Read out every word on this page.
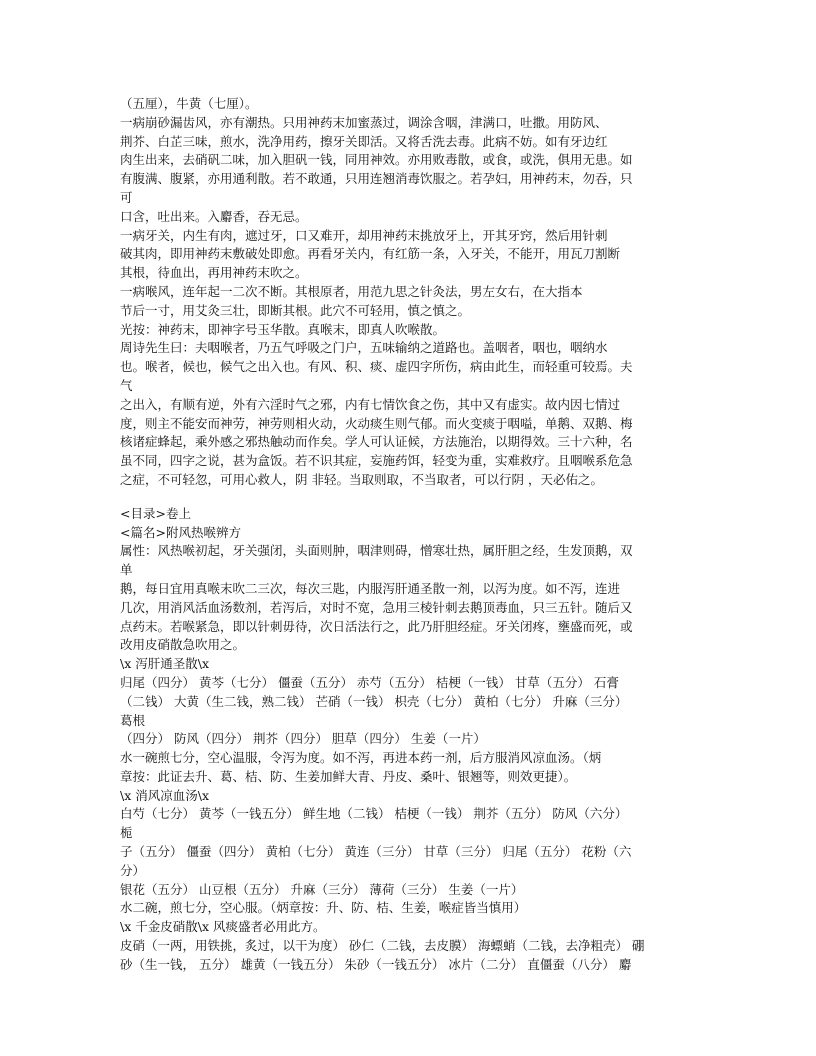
（五厘），牛黄（七厘）。

一病崩砂漏齿风，亦有潮热。只用神药末加蜜蒸过，调涂含咽，津满口，吐撒。用防风、

荆芥、白芷三味，煎水，洗净用药，擦牙关即活。又将舌洗去毒。此病不妨。如有牙边红

肉生出来，去硝矾二味，加入胆矾一钱，同用神效。亦用败毒散，或食，或洗，俱用无患。如

有腹满、腹紧，亦用通利散。若不敢通，只用连翘消毒饮服之。若孕妇，用神药末，勿吞，只

可

口含，吐出来。入麝香，吞无忌。

一病牙关，内生有肉，遮过牙，口又难开，却用神药末挑放牙上，开其牙窍，然后用针刺

破其肉，即用神药末敷破处即愈。再看牙关内，有红筋一条，入牙关，不能开，用瓦刀割断

其根，待血出，再用神药末吹之。

一病喉风，连年起一二次不断。其根原者，用范九思之针灸法，男左女右，在大指本

节后一寸，用艾灸三壮，即断其根。此穴不可轻用，慎之慎之。

光按：神药末，即神字号玉华散。真喉末，即真人吹喉散。

周诗先生曰：夫咽喉者，乃五气呼吸之门户，五味输纳之道路也。盖咽者，咽也，咽纳水

也。喉者，候也，候气之出入也。有风、积、痰、虚四字所伤，病由此生，而轻重可较焉。夫

气

之出入，有顺有逆，外有六淫时气之邪，内有七情饮食之伤，其中又有虚实。故内因七情过

度，则主不能安而神劳，神劳则相火动，火动痰生则气郁。而火变痰于咽嗌，单鹅、双鹅、梅

核诸症蜂起，乘外感之邪热触动而作矣。学人可认证候，方法施治，以期得效。三十六种，名

虽不同，四字之说，甚为盒饭。若不识其症，妄施药饵，轻变为重，实难救疗。且咽喉系危急

之症，不可轻忽，可用心救人，阴 非轻。当取则取，不当取者，可以行阴 ，天必佑之。

<目录>卷上

<篇名>附风热喉辨方

属性：风热喉初起，牙关强闭，头面则肿，咽津则碍，憎寒壮热，属肝胆之经，生发顶鹅，双

单

鹅，每日宜用真喉末吹二三次，每次三匙，内服泻肝通圣散一剂，以泻为度。如不泻，连进

几次，用消风活血汤数剂，若泻后，对时不宽，急用三棱针刺去鹅顶毒血，只三五针。随后又

点药末。若喉紧急，即以针刺毋待，次日活法行之，此乃肝胆经症。牙关闭疼，壅盛而死，或

改用皮硝散急吹用之。

\x 泻肝通圣散\x

归尾（四分） 黄芩（七分） 僵蚕（五分） 赤芍（五分） 桔梗（一钱） 甘草（五分） 石膏

（二钱） 大黄（生二钱，熟二钱） 芒硝（一钱） 枳壳（七分） 黄柏（七分） 升麻（三分）

葛根

（四分） 防风（四分） 荆芥（四分） 胆草（四分） 生姜（一片）

水一碗煎七分，空心温服，令泻为度。如不泻，再进本药一剂，后方服消风凉血汤。（炳

章按：此证去升、葛、桔、防、生姜加鲜大青、丹皮、桑叶、银翘等，则效更捷）。

\x 消风凉血汤\x

白芍（七分） 黄芩（一钱五分） 鲜生地（二钱） 桔梗（一钱） 荆芥（五分） 防风（六分）

栀

子（五分） 僵蚕（四分） 黄柏（七分） 黄连（三分） 甘草（三分） 归尾（五分） 花粉（六

分）

银花（五分） 山豆根（五分） 升麻（三分） 薄荷（三分） 生姜（一片）

水二碗，煎七分，空心服。（炳章按：升、防、桔、生姜，喉症皆当慎用）

\x 千金皮硝散\x 风痰盛者必用此方。

皮硝（一两，用铁挑，炙过，以干为度） 砂仁（二钱，去皮膜） 海螵蛸（二钱，去净粗壳） 硼

砂（生一钱， 五分） 雄黄（一钱五分） 朱砂（一钱五分） 冰片（二分） 直僵蚕（八分） 麝
